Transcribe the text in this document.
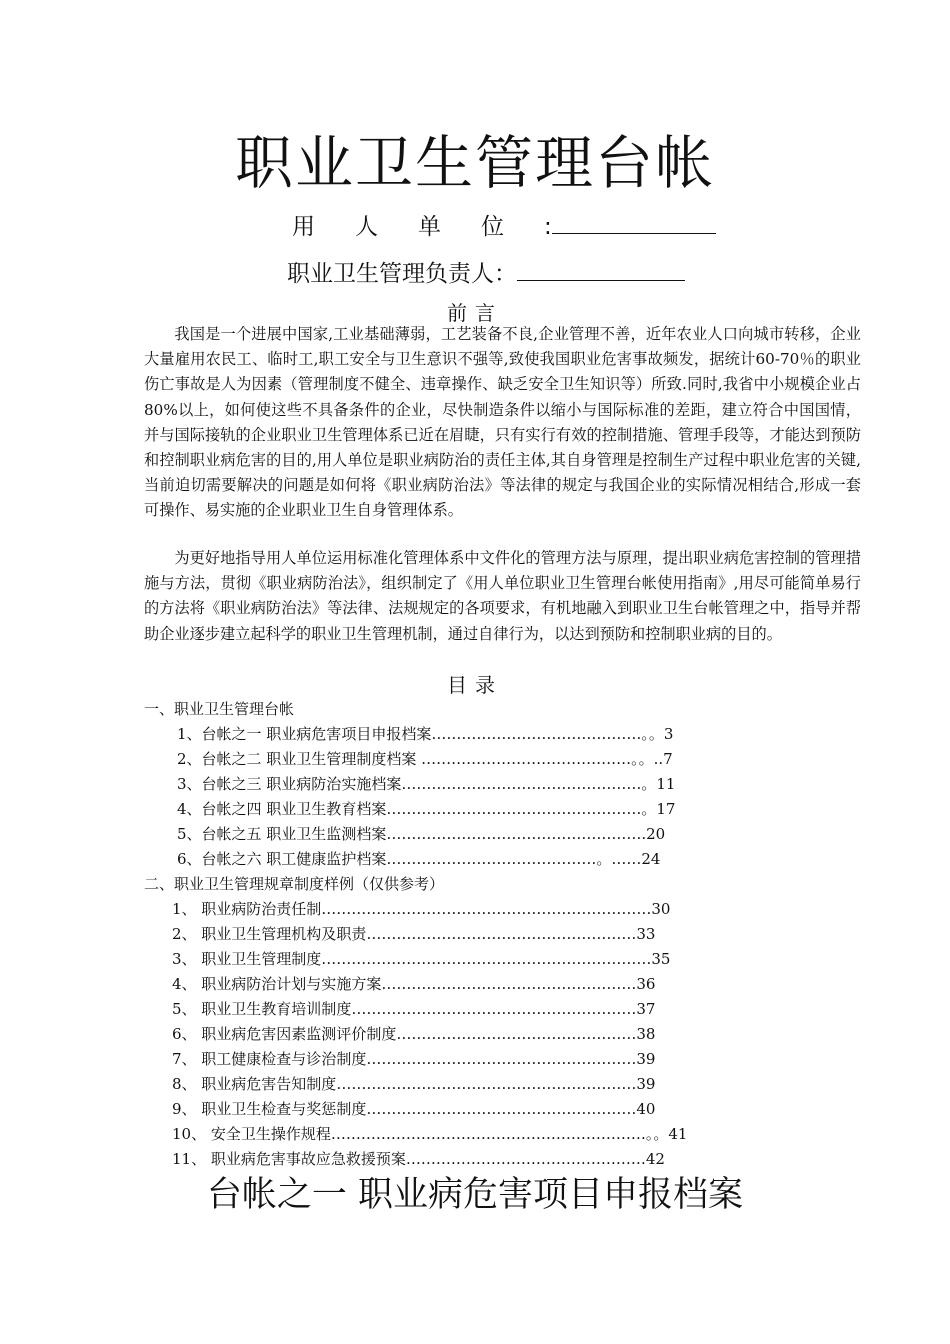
职业卫生管理台帐
用人单位:
职业卫生管理负责人：
前言

我国是一个进展中国家,工业基础薄弱，工艺装备不良,企业管理不善，近年农业人口向城市转移，企业大量雇用农民工、临时工,职工安全与卫生意识不强等,致使我国职业危害事故频发，据统计60-70％的职业伤亡事故是人为因素（管理制度不健全、违章操作、缺乏安全卫生知识等）所致.同时,我省中小规模企业占80%以上，如何使这些不具备条件的企业，尽快制造条件以缩小与国际标准的差距，建立符合中国国情，并与国际接轨的企业职业卫生管理体系已近在眉睫，只有实行有效的控制措施、管理手段等，才能达到预防和控制职业病危害的目的,用人单位是职业病防治的责任主体,其自身管理是控制生产过程中职业危害的关键,当前迫切需要解决的问题是如何将《职业病防治法》等法律的规定与我国企业的实际情况相结合,形成一套可操作、易实施的企业职业卫生自身管理体系。

为更好地指导用人单位运用标准化管理体系中文件化的管理方法与原理，提出职业病危害控制的管理措施与方法，贯彻《职业病防治法》，组织制定了《用人单位职业卫生管理台帐使用指南》,用尽可能简单易行的方法将《职业病防治法》等法律、法规规定的各项要求，有机地融入到职业卫生台帐管理之中，指导并帮助企业逐步建立起科学的职业卫生管理机制，通过自律行为，以达到预防和控制职业病的目的。

目录
一、职业卫生管理台帐
1、台帐之一 职业病危害项目申报档案……………………………………。。3
2、台帐之二 职业卫生管理制度档案 ……………………………………。。..7
3、台帐之三 职业病防治实施档案…………………………………………。11
4、台帐之四 职业卫生教育档案……………………………………………。17
5、台帐之五 职业卫生监测档案…………………………………………….20
6、台帐之六 职工健康监护档案……………………………………。……24
二、职业卫生管理规章制度样例（仅供参考）
1、 职业病防治责任制…………………………………………………………30
2、 职业卫生管理机构及职责………………………………………………33
3、 职业卫生管理制度…………………………………………………………35
4、 职业病防治计划与实施方案……………………………………………36
5、 职业卫生教育培训制度…………………………………………………37
6、 职业病危害因素监测评价制度…………………………………………38
7、 职工健康检查与诊治制度………………………………………………39
8、 职业病危害告知制度……………………………………………………39
9、 职业卫生检查与奖惩制度………………………………………………40
10、 安全卫生操作规程………………………………………………………。。41
11、 职业病危害事故应急救援预案…………………………………………42
台帐之一 职业病危害项目申报档案
